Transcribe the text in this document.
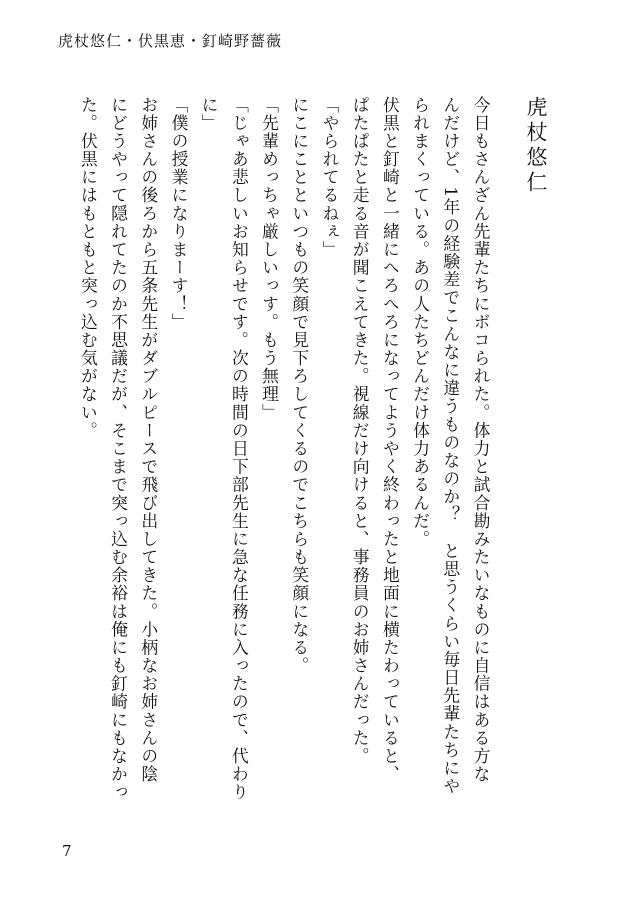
虎杖悠仁・伏黒恵・釘崎野薔薇
虎杖悠仁

今日もさんざん先輩たちにボコられた。体力と試合勘みたいなものに自信はある方な

んだけど、1年の経験差でこんなに違うものなのか？　と思うくらい毎日先輩たちにや

られまくっている。あの人たちどんだけ体力あるんだ。

伏黒と釘崎と一緒にへろへろになってようやく終わったと地面に横たわっていると、

ぱたぱたと走る音が聞こえてきた。視線だけ向けると、事務員のお姉さんだった。

「やられてるねぇ」

にこにことといつもの笑顔で見下ろしてくるのでこちらも笑顔になる。

「先輩めっちゃ厳しいっす。もう無理」

「じゃあ悲しいお知らせです。次の時間の日下部先生に急な任務に入ったので、代わり

に」

「僕の授業になりまーす！」

お姉さんの後ろから五条先生がダブルピースで飛び出してきた。小柄なお姉さんの陰

にどうやって隠れてたのか不思議だが、そこまで突っ込む余裕は俺にも釘崎にもなかっ

た。伏黒にはもともと突っ込む気がない。

7
